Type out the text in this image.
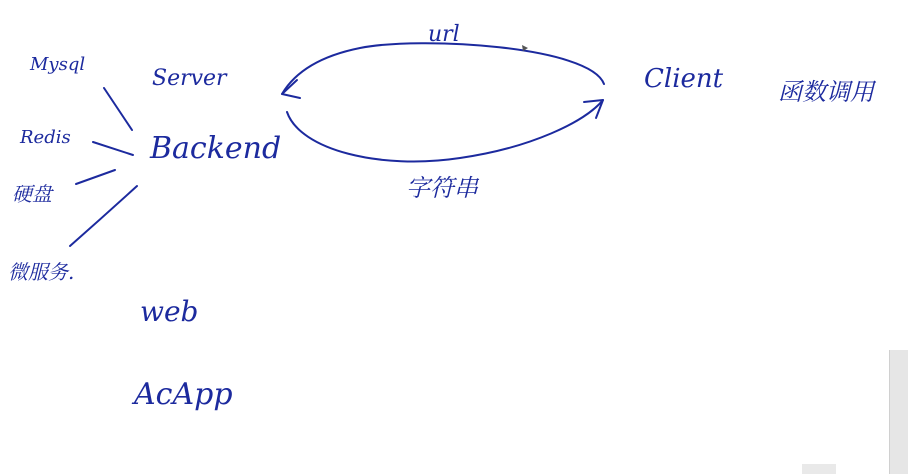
Mysql
Redis
硬盘
微服务.
Server
Backend
web
AcApp
url
字符串
Client 函数调用
